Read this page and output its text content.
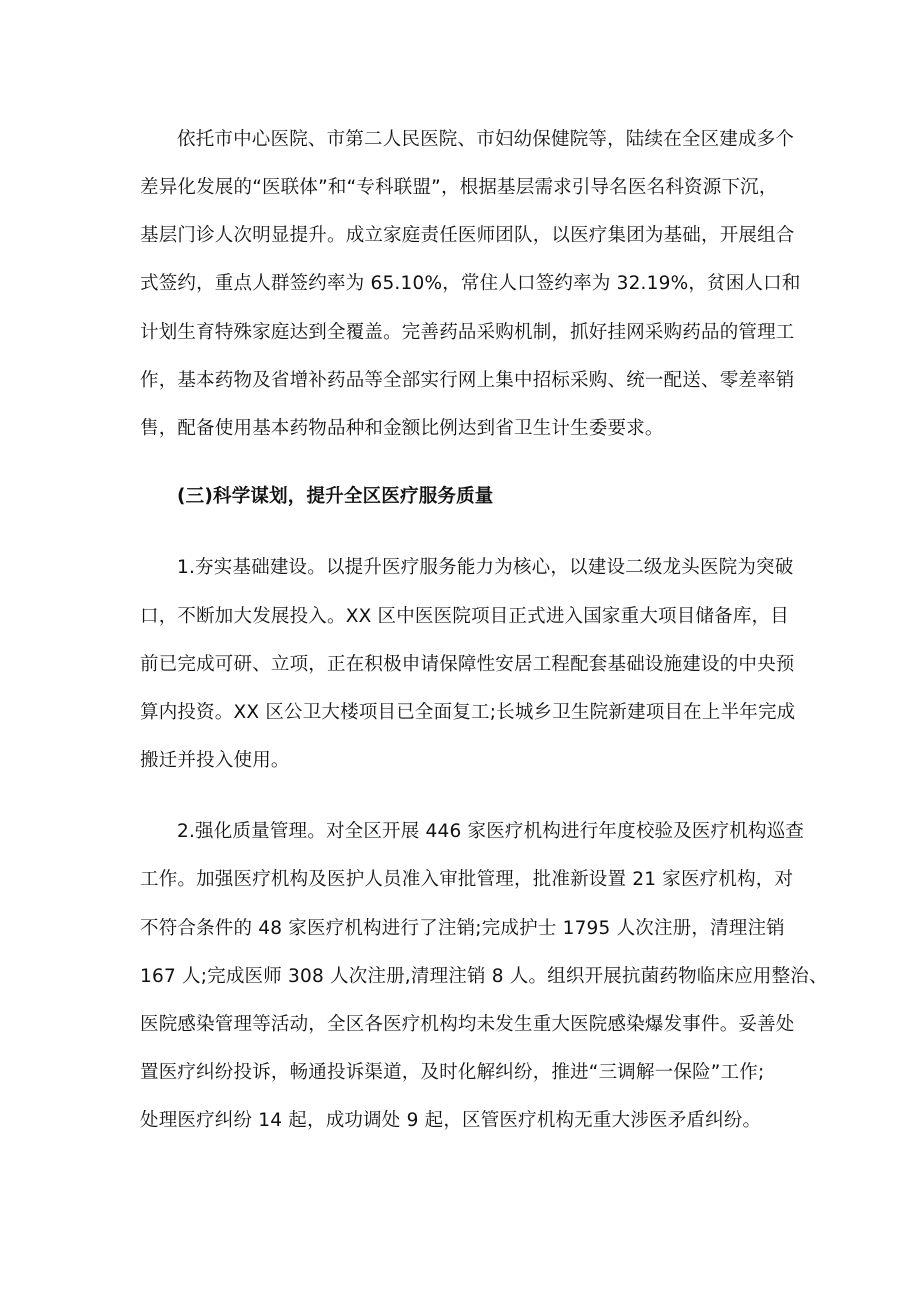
依托市中心医院、市第二人民医院、市妇幼保健院等，陆续在全区建成多个
差异化发展的“医联体”和“专科联盟”，根据基层需求引导名医名科资源下沉，
基层门诊人次明显提升。成立家庭责任医师团队，以医疗集团为基础，开展组合
式签约，重点人群签约率为 65.10%，常住人口签约率为 32.19%，贫困人口和
计划生育特殊家庭达到全覆盖。完善药品采购机制，抓好挂网采购药品的管理工
作，基本药物及省增补药品等全部实行网上集中招标采购、统一配送、零差率销
售，配备使用基本药物品种和金额比例达到省卫生计生委要求。
(三)科学谋划，提升全区医疗服务质量
1.夯实基础建设。以提升医疗服务能力为核心，以建设二级龙头医院为突破
口，不断加大发展投入。XX 区中医医院项目正式进入国家重大项目储备库，目
前已完成可研、立项，正在积极申请保障性安居工程配套基础设施建设的中央预
算内投资。XX 区公卫大楼项目已全面复工;长城乡卫生院新建项目在上半年完成
搬迁并投入使用。
2.强化质量管理。对全区开展 446 家医疗机构进行年度校验及医疗机构巡查
工作。加强医疗机构及医护人员准入审批管理，批准新设置 21 家医疗机构，对
不符合条件的 48 家医疗机构进行了注销;完成护士 1795 人次注册，清理注销
167 人;完成医师 308 人次注册,清理注销 8 人。组织开展抗菌药物临床应用整治、
医院感染管理等活动，全区各医疗机构均未发生重大医院感染爆发事件。妥善处
置医疗纠纷投诉，畅通投诉渠道，及时化解纠纷，推进“三调解一保险”工作;
处理医疗纠纷 14 起，成功调处 9 起，区管医疗机构无重大涉医矛盾纠纷。
